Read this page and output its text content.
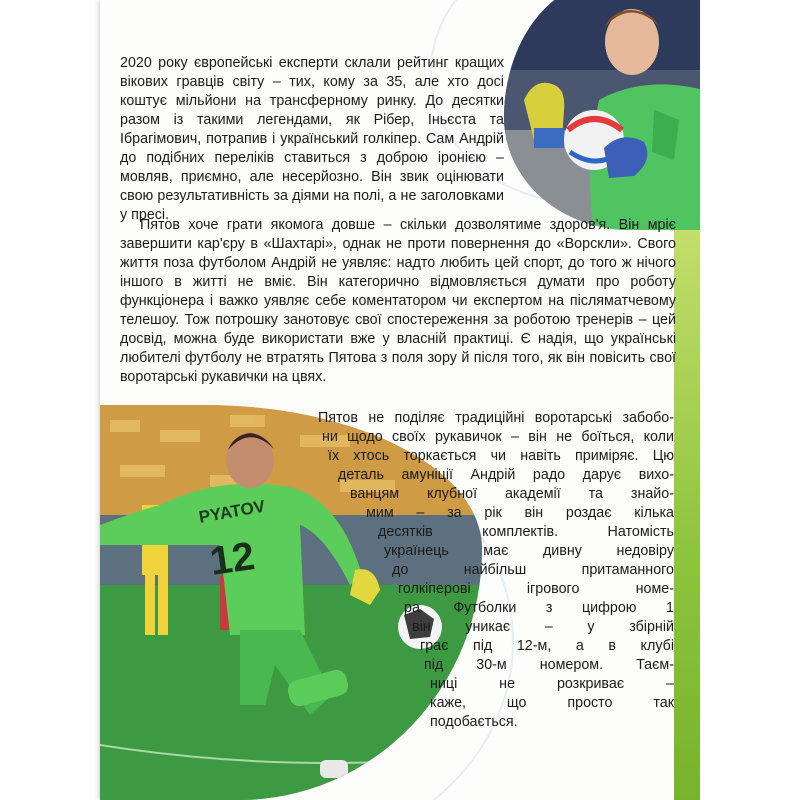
2020 року європейські експерти склали рейтинг кращих вікових гравців світу – тих, кому за 35, але хто досі коштує мільйони на трансферному ринку. До десятки разом із такими легендами, як Рібер, Іньєста та Ібрагімович, потрапив і український голкіпер. Сам Андрій до подібних переліків ставиться з доброю іронією – мовляв, приємно, але несерйозно. Він звик оцінювати свою результативність за діями на полі, а не заголовками у пресі.

Пятов хоче грати якомога довше – скільки дозволятиме здоров'я. Він мріє завершити кар'єру в «Шахтарі», однак не проти повернення до «Ворскли». Свого життя поза футболом Андрій не уявляє: надто любить цей спорт, до того ж нічого іншого в житті не вміє. Він категорично відмовляється думати про роботу функціонера і важко уявляє себе коментатором чи експертом на післяматчевому телешоу. Тож потрошку занотовує свої спостереження за роботою тренерів – цей досвід, можна буде використати вже у власній практиці. Є надія, що українські любителі футболу не втратять Пятова з поля зору й після того, як він повісить свої воротарські рукавички на цвях.

PYATOV
12
Пятов не поділяє традиційні воротарські забобо-
ни щодо своїх рукавичок – він не боїться, коли
їх хтось торкається чи навіть приміряє. Цю
деталь амуніції Андрій радо дарує вихо-
ванцям клубної академії та знайо-
мим – за рік він роздає кілька
десятків комплектів. Натомість
українець має дивну недовіру
до найбільш притаманного
голкіперові ігрового номе-
ра. Футболки з цифрою 1
він уникає – у збірній
грає під 12-м, а в клубі
під 30-м номером. Таєм-
ниці не розкриває –
каже, що просто так
подобається.
